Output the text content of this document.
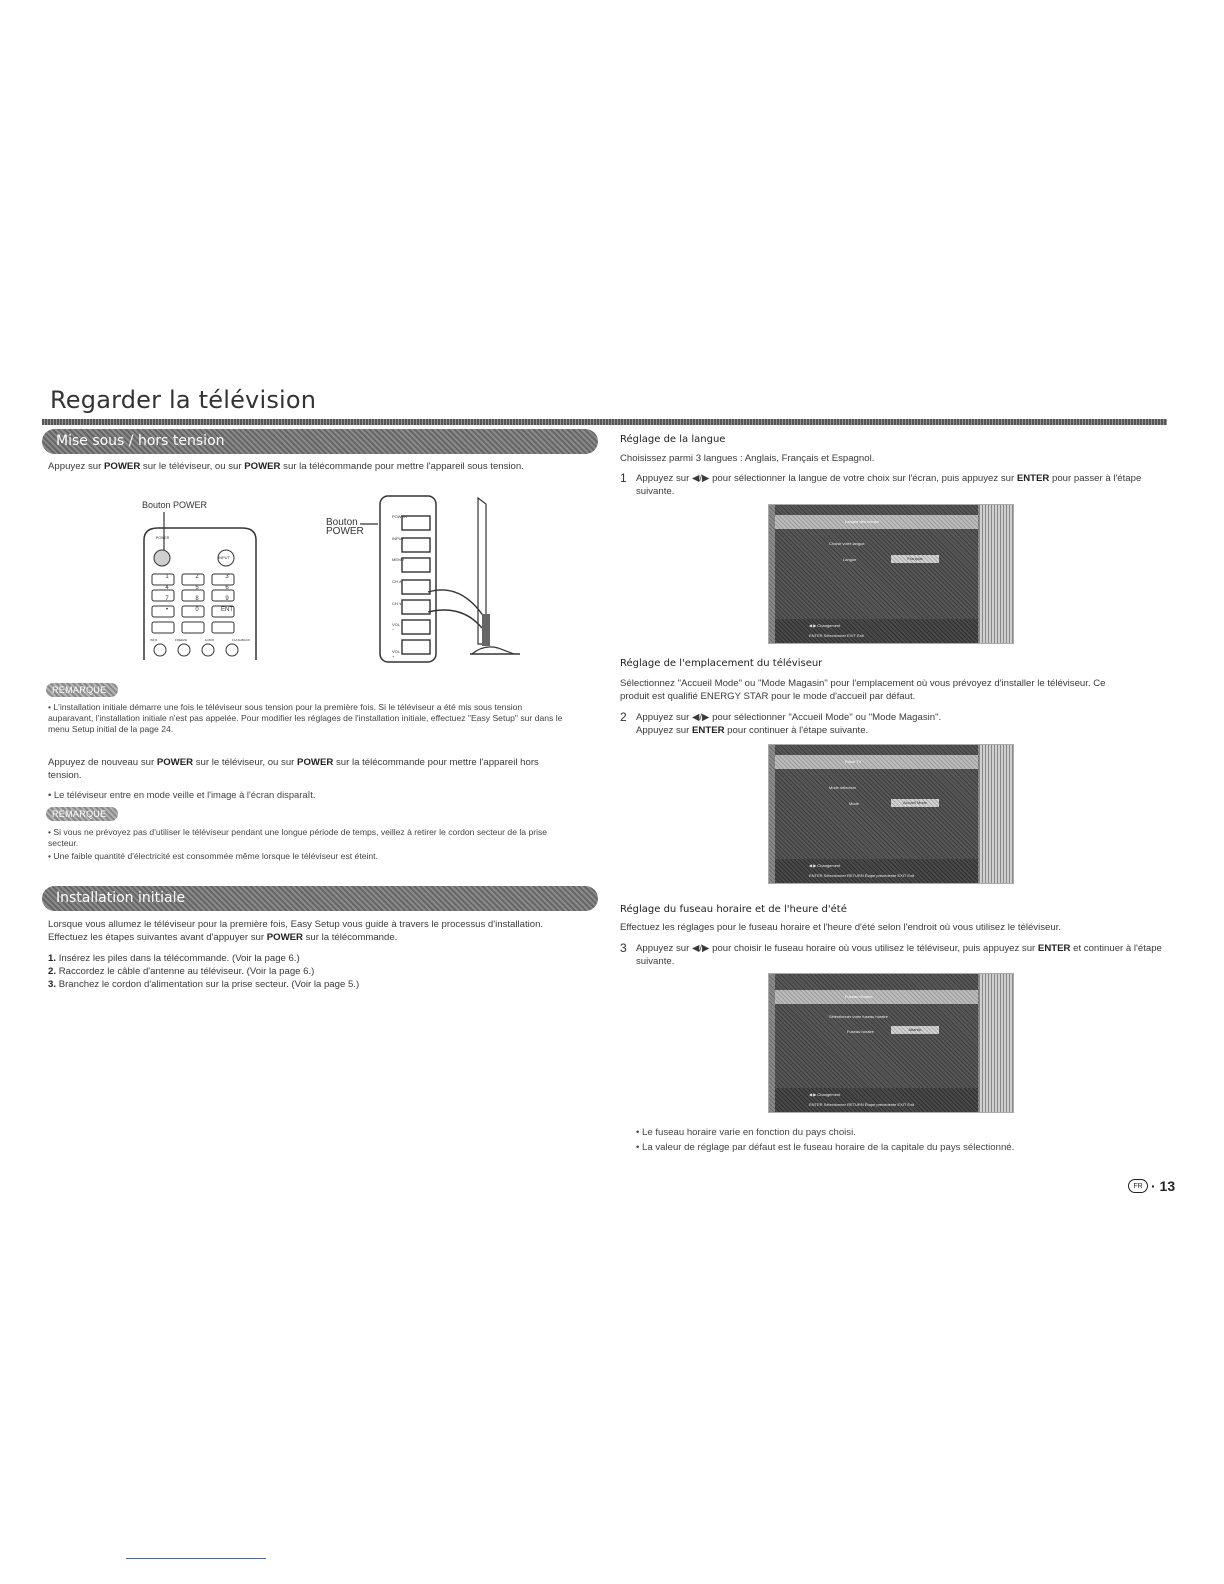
Regarder la télévision
Mise sous / hors tension
Appuyez sur POWER sur le téléviseur, ou sur POWER sur la télécommande pour mettre l'appareil sous tension.
Bouton POWER
POWER
INPUT
1	2	3
4	5	6
7	8	9
•	0	ENT
INFO	FREEZE	AUDIO	FLASHBACK
Bouton POWER
POWER
INPUT
MENU
CH ∧
CH ∨
VOL −
VOL +
REMARQUE
• L'installation initiale démarre une fois le téléviseur sous tension pour la première fois. Si le téléviseur a été mis sous tension auparavant, l'installation initiale n'est pas appelée. Pour modifier les réglages de l'installation initiale, effectuez "Easy Setup" sur dans le menu Setup initial de la page 24.
Appuyez de nouveau sur POWER sur le téléviseur, ou sur POWER sur la télécommande pour mettre l'appareil hors tension.
• Le téléviseur entre en mode veille et l'image à l'écran disparaît.
REMARQUE
• Si vous ne prévoyez pas d'utiliser le téléviseur pendant une longue période de temps, veillez à retirer le cordon secteur de la prise secteur.
• Une faible quantité d'électricité est consommée même lorsque le téléviseur est éteint.
Installation initiale
Lorsque vous allumez le téléviseur pour la première fois, Easy Setup vous guide à travers le processus d'installation. Effectuez les étapes suivantes avant d'appuyer sur POWER sur la télécommande.
1. Insérez les piles dans la télécommande. (Voir la page 6.)
2. Raccordez le câble d'antenne au téléviseur. (Voir la page 6.)
3. Branchez le cordon d'alimentation sur la prise secteur. (Voir la page 5.)
Réglage de la langue
Choisissez parmi 3 langues : Anglais, Français et Espagnol.
1 Appuyez sur ◀/▶ pour sélectionner la langue de votre choix sur l'écran, puis appuyez sur ENTER pour passer à l'étape suivante.
Langue des menus
Choisir votre langue
Langue	Français
◀ ▶ Changement
ENTER Sélectionner EXIT Exit
Réglage de l'emplacement du téléviseur
Sélectionnez "Accueil Mode" ou "Mode Magasin" pour l'emplacement où vous prévoyez d'installer le téléviseur. Ce produit est qualifié ENERGY STAR pour le mode d'accueil par défaut.
2 Appuyez sur ◀/▶ pour sélectionner "Accueil Mode" ou "Mode Magasin".
Appuyez sur ENTER pour continuer à l'étape suivante.
Place TV
Mode sélection
Mode	Accueil Mode
◀ ▶ Changement
ENTER Sélectionner RETURN Étape précédente EXIT Exit
Réglage du fuseau horaire et de l'heure d'été
Effectuez les réglages pour le fuseau horaire et l'heure d'été selon l'endroit où vous utilisez le téléviseur.
3 Appuyez sur ◀/▶ pour choisir le fuseau horaire où vous utilisez le téléviseur, puis appuyez sur ENTER et continuer à l'étape suivante.
Fuseau Horaire
Sélectionner votre fuseau horaire
Fuseau horaire	Atlantic
◀ ▶ Changement
ENTER Sélectionner RETURN Étape précédente EXIT Exit
• Le fuseau horaire varie en fonction du pays choisi.
• La valeur de réglage par défaut est le fuseau horaire de la capitale du pays sélectionné.
FR · 13
